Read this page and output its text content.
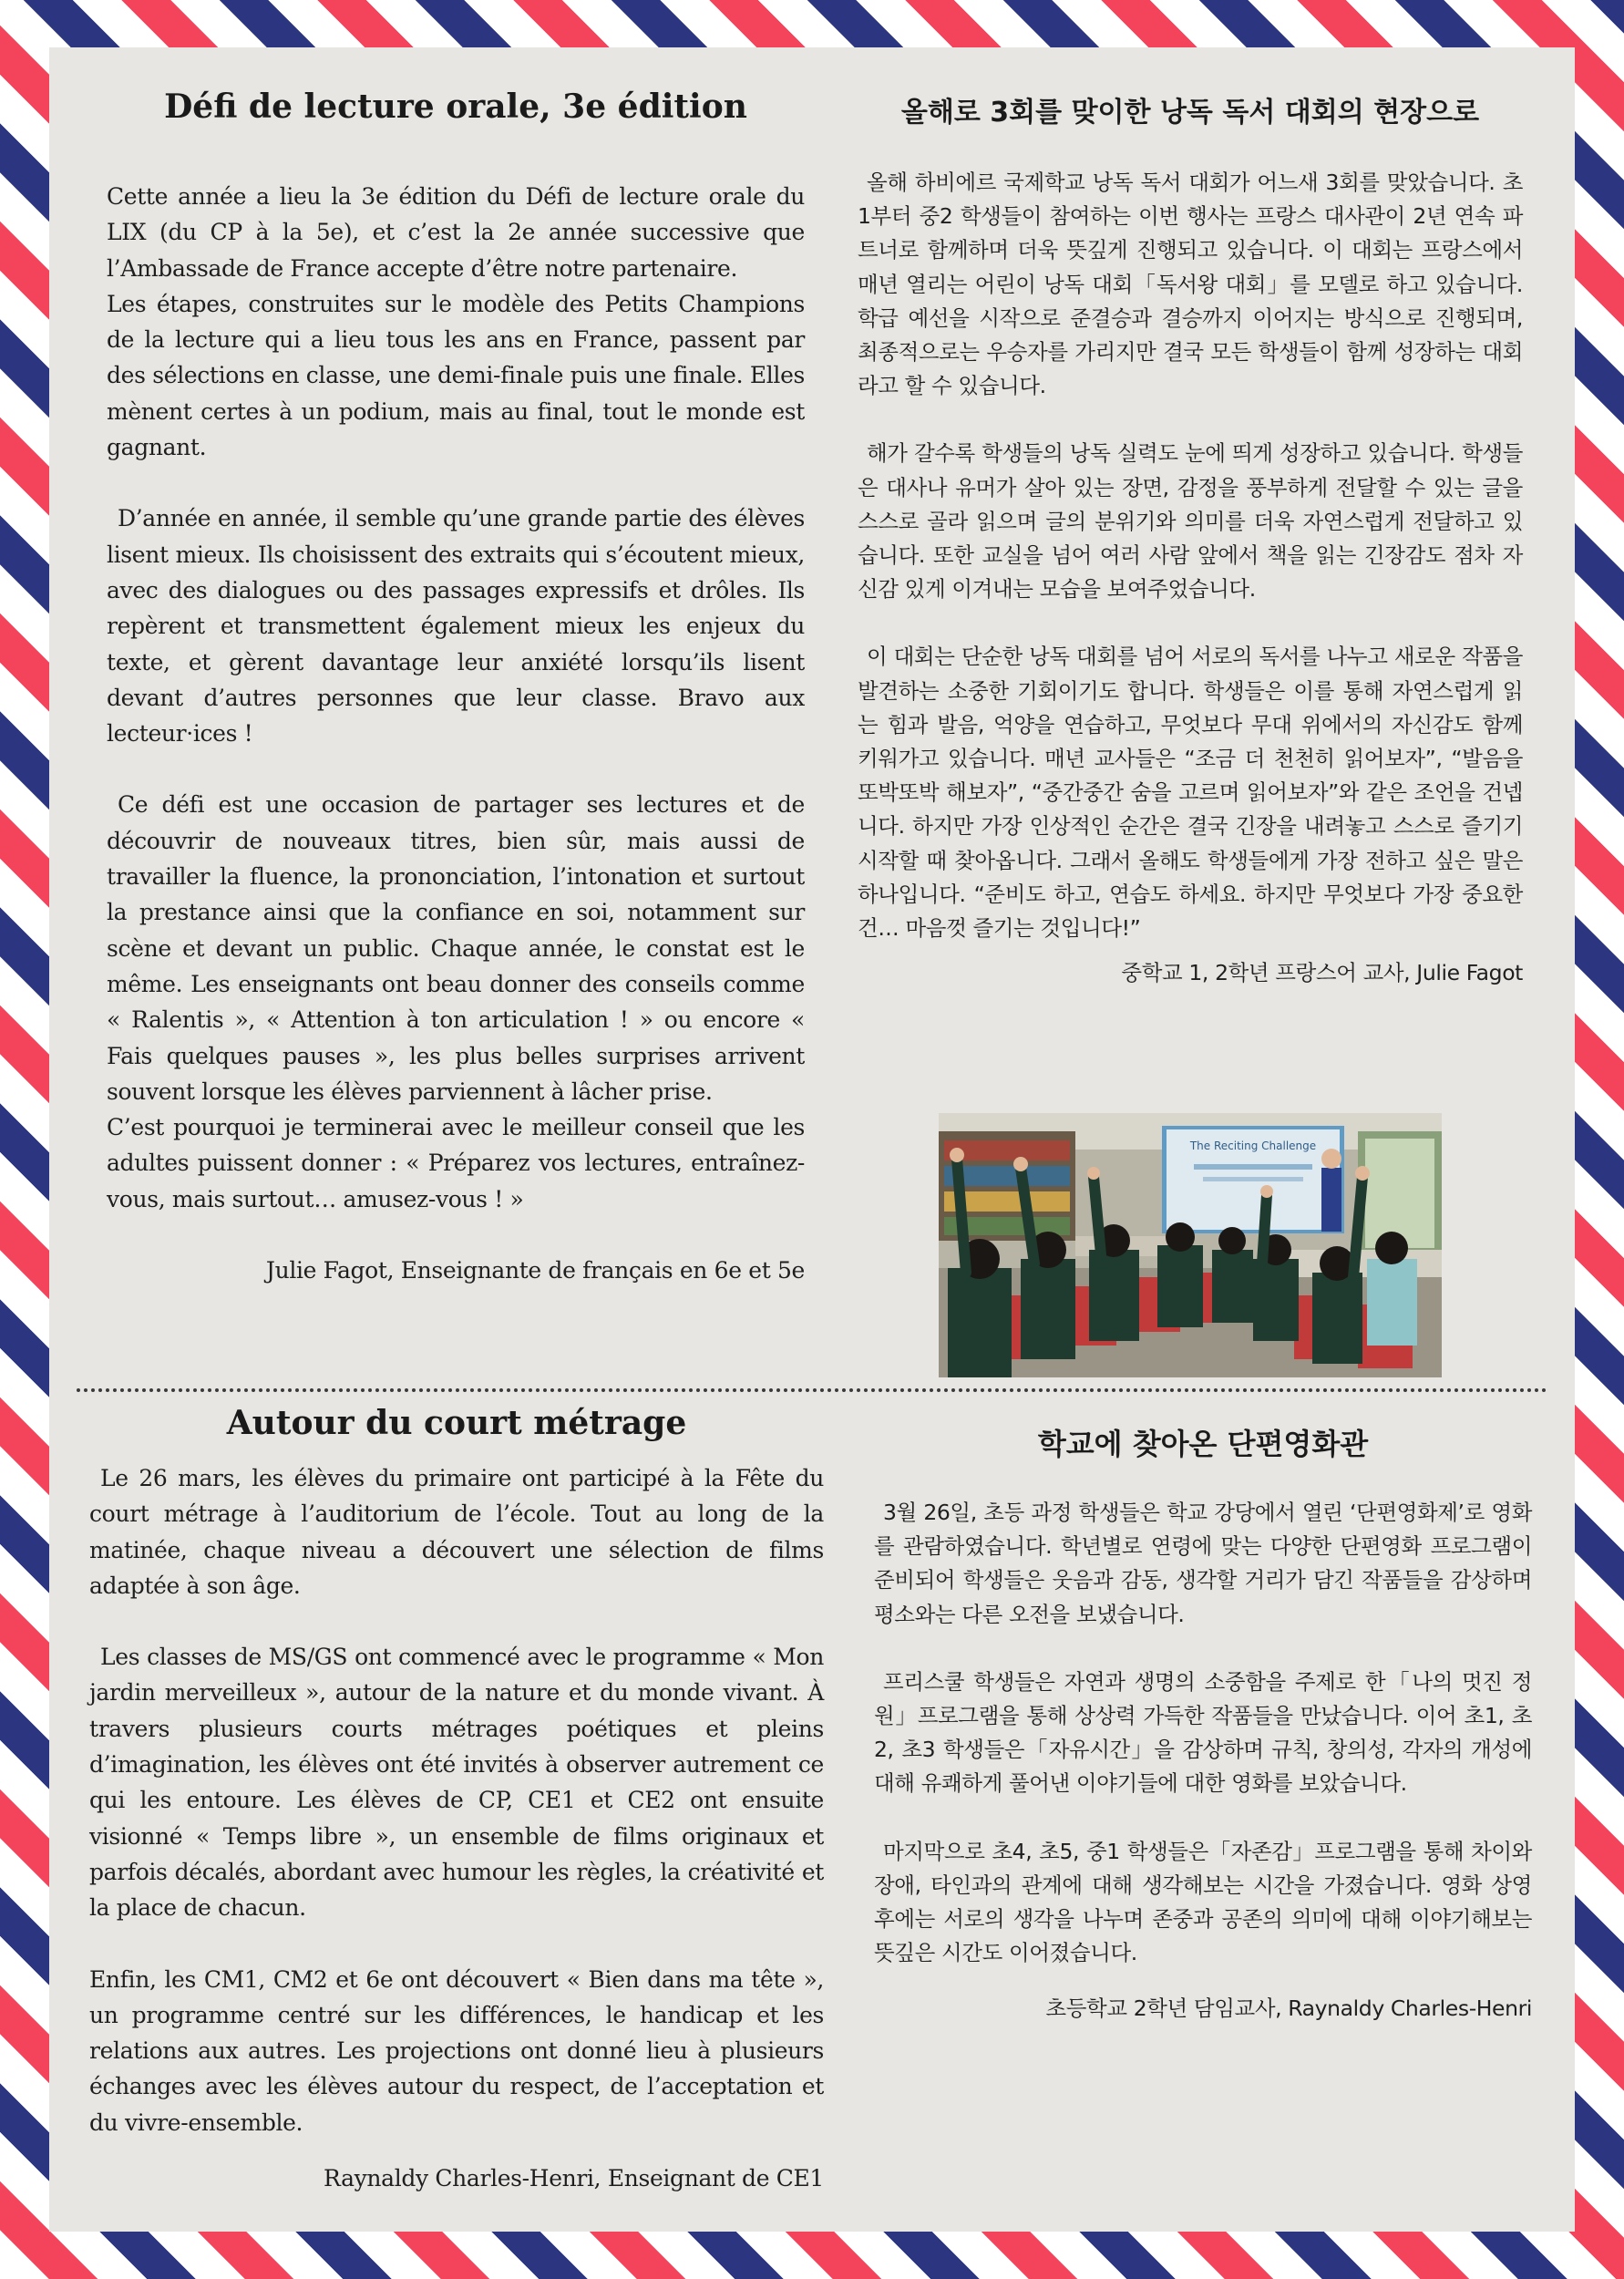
Défi de lecture orale, 3e édition

Cette année a lieu la 3e édition du Défi de lecture orale du LIX (du CP à la 5e), et c’est la 2e année successive que l’Ambassade de France accepte d’être notre partenaire.

Les étapes, construites sur le modèle des Petits Champions de la lecture qui a lieu tous les ans en France, passent par des sélections en classe, une demi-finale puis une finale. Elles mènent certes à un podium, mais au final, tout le monde est gagnant.

D’année en année, il semble qu’une grande partie des élèves lisent mieux. Ils choisissent des extraits qui s’écoutent mieux, avec des dialogues ou des passages expressifs et drôles. Ils repèrent et transmettent également mieux les enjeux du texte, et gèrent davantage leur anxiété lorsqu’ils lisent devant d’autres personnes que leur classe. Bravo aux lecteur·ices !

Ce défi est une occasion de partager ses lectures et de découvrir de nouveaux titres, bien sûr, mais aussi de travailler la fluence, la prononciation, l’intonation et surtout la prestance ainsi que la confiance en soi, notamment sur scène et devant un public. Chaque année, le constat est le même. Les enseignants ont beau donner des conseils comme « Ralentis », « Attention à ton articulation ! » ou encore « Fais quelques pauses », les plus belles surprises arrivent souvent lorsque les élèves parviennent à lâcher prise.

C’est pourquoi je terminerai avec le meilleur conseil que les adultes puissent donner : « Préparez vos lectures, entraînez-vous, mais surtout… amusez-vous ! »

Julie Fagot, Enseignante de français en 6e et 5e

올해로 3회를 맞이한 낭독 독서 대회의 현장으로

올해 하비에르 국제학교 낭독 독서 대회가 어느새 3회를 맞았습니다. 초1부터 중2 학생들이 참여하는 이번 행사는 프랑스 대사관이 2년 연속 파트너로 함께하며 더욱 뜻깊게 진행되고 있습니다. 이 대회는 프랑스에서 매년 열리는 어린이 낭독 대회「독서왕 대회」를 모델로 하고 있습니다. 학급 예선을 시작으로 준결승과 결승까지 이어지는 방식으로 진행되며, 최종적으로는 우승자를 가리지만 결국 모든 학생들이 함께 성장하는 대회라고 할 수 있습니다.

해가 갈수록 학생들의 낭독 실력도 눈에 띄게 성장하고 있습니다. 학생들은 대사나 유머가 살아 있는 장면, 감정을 풍부하게 전달할 수 있는 글을 스스로 골라 읽으며 글의 분위기와 의미를 더욱 자연스럽게 전달하고 있습니다. 또한 교실을 넘어 여러 사람 앞에서 책을 읽는 긴장감도 점차 자신감 있게 이겨내는 모습을 보여주었습니다.

이 대회는 단순한 낭독 대회를 넘어 서로의 독서를 나누고 새로운 작품을 발견하는 소중한 기회이기도 합니다. 학생들은 이를 통해 자연스럽게 읽는 힘과 발음, 억양을 연습하고, 무엇보다 무대 위에서의 자신감도 함께 키워가고 있습니다. 매년 교사들은 “조금 더 천천히 읽어보자”, “발음을 또박또박 해보자”, “중간중간 숨을 고르며 읽어보자”와 같은 조언을 건넵니다. 하지만 가장 인상적인 순간은 결국 긴장을 내려놓고 스스로 즐기기 시작할 때 찾아옵니다. 그래서 올해도 학생들에게 가장 전하고 싶은 말은 하나입니다. “준비도 하고, 연습도 하세요. 하지만 무엇보다 가장 중요한 건… 마음껏 즐기는 것입니다!”

중학교 1, 2학년 프랑스어 교사, Julie Fagot

The Reciting Challenge
Autour du court métrage

Le 26 mars, les élèves du primaire ont participé à la Fête du court métrage à l’auditorium de l’école. Tout au long de la matinée, chaque niveau a découvert une sélection de films adaptée à son âge.

Les classes de MS/GS ont commencé avec le programme « Mon jardin merveilleux », autour de la nature et du monde vivant. À travers plusieurs courts métrages poétiques et pleins d’imagination, les élèves ont été invités à observer autrement ce qui les entoure. Les élèves de CP, CE1 et CE2 ont ensuite visionné « Temps libre », un ensemble de films originaux et parfois décalés, abordant avec humour les règles, la créativité et la place de chacun.

Enfin, les CM1, CM2 et 6e ont découvert « Bien dans ma tête », un programme centré sur les différences, le handicap et les relations aux autres. Les projections ont donné lieu à plusieurs échanges avec les élèves autour du respect, de l’acceptation et du vivre-ensemble.

Raynaldy Charles-Henri, Enseignant de CE1

학교에 찾아온 단편영화관

3월 26일, 초등 과정 학생들은 학교 강당에서 열린 ‘단편영화제’로 영화를 관람하였습니다. 학년별로 연령에 맞는 다양한 단편영화 프로그램이 준비되어 학생들은 웃음과 감동, 생각할 거리가 담긴 작품들을 감상하며 평소와는 다른 오전을 보냈습니다.

프리스쿨 학생들은 자연과 생명의 소중함을 주제로 한「나의 멋진 정원」프로그램을 통해 상상력 가득한 작품들을 만났습니다. 이어 초1, 초2, 초3 학생들은「자유시간」을 감상하며 규칙, 창의성, 각자의 개성에 대해 유쾌하게 풀어낸 이야기들에 대한 영화를 보았습니다.

마지막으로 초4, 초5, 중1 학생들은「자존감」프로그램을 통해 차이와 장애, 타인과의 관계에 대해 생각해보는 시간을 가졌습니다. 영화 상영 후에는 서로의 생각을 나누며 존중과 공존의 의미에 대해 이야기해보는 뜻깊은 시간도 이어졌습니다.

초등학교 2학년 담임교사, Raynaldy Charles-Henri
